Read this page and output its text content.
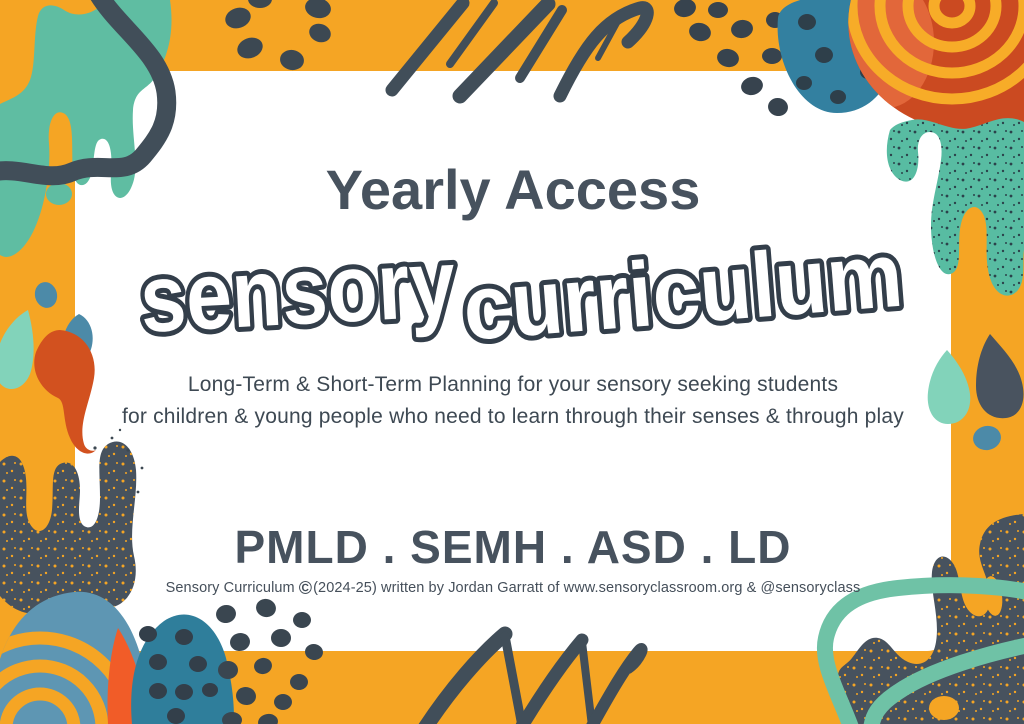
sensory
curriculum
Yearly Access
Long-Term & Short-Term Planning for your sensory seeking students
for children & young people who need to learn through their senses & through play
PMLD . SEMH . ASD . LD
Sensory Curriculum ©(2024-25) written by Jordan Garratt of www.sensoryclassroom.org & @sensoryclass
